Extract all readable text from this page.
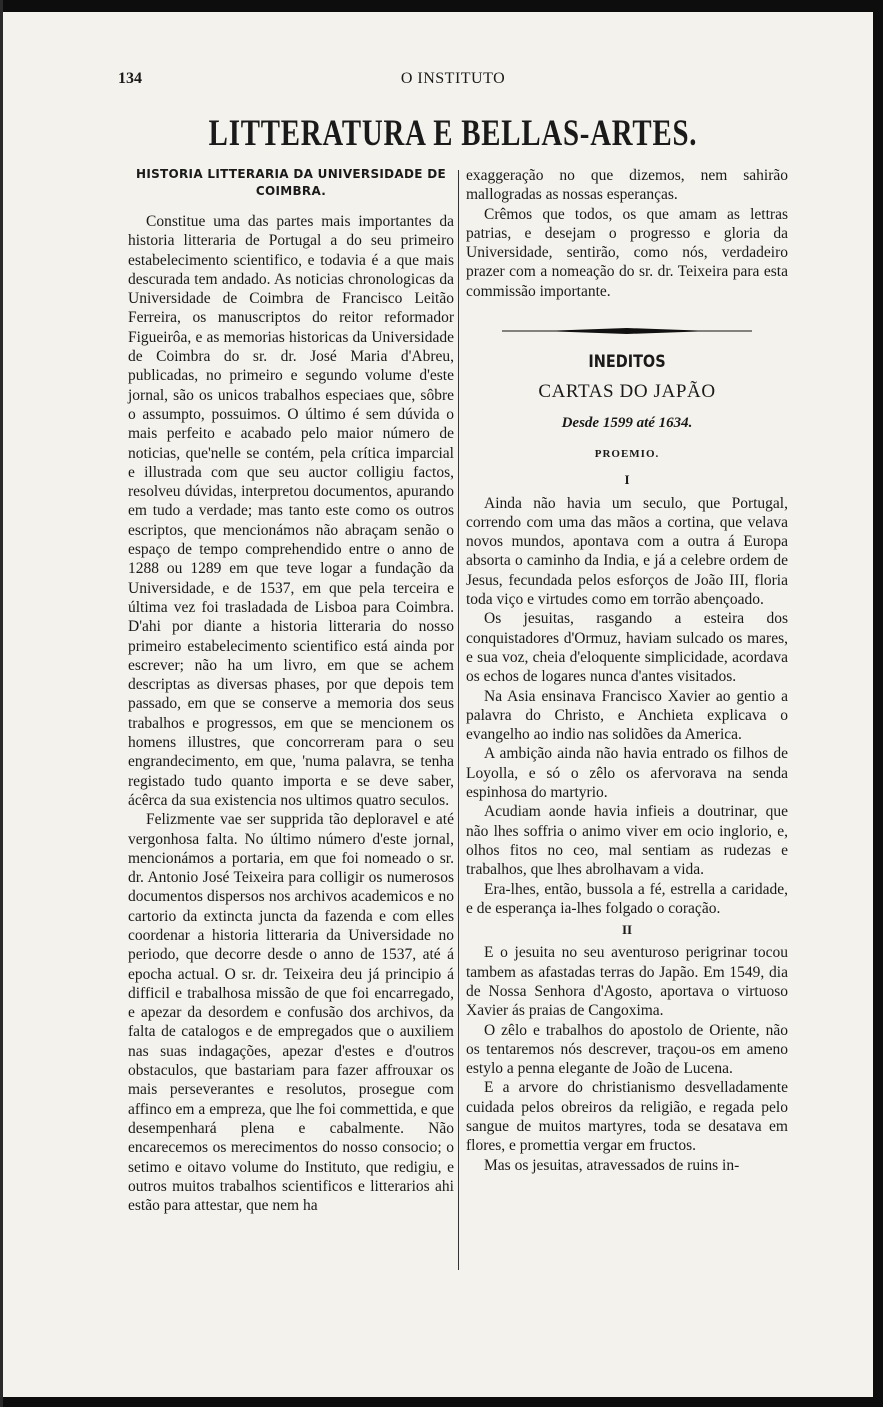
134	O INSTITUTO
LITTERATURA E BELLAS-ARTES.
HISTORIA LITTERARIA DA UNIVERSIDADE DE COIMBRA.

Constitue uma das partes mais importantes da historia litteraria de Portugal a do seu primeiro estabelecimento scientifico, e todavia é a que mais descurada tem andado. As noticias chronologicas da Universidade de Coimbra de Francisco Leitão Ferreira, os manuscriptos do reitor reformador Figueirôa, e as memorias historicas da Universidade de Coimbra do sr. dr. José Maria d'Abreu, publicadas, no primeiro e segundo volume d'este jornal, são os unicos trabalhos especiaes que, sôbre o assumpto, possuimos. O último é sem dúvida o mais perfeito e acabado pelo maior número de noticias, que'nelle se contém, pela crítica imparcial e illustrada com que seu auctor colligiu factos, resolveu dúvidas, interpretou documentos, apurando em tudo a verdade; mas tanto este como os outros escriptos, que mencionámos não abraçam senão o espaço de tempo comprehendido entre o anno de 1288 ou 1289 em que teve logar a fundação da Universidade, e de 1537, em que pela terceira e última vez foi trasladada de Lisboa para Coimbra. D'ahi por diante a historia litteraria do nosso primeiro estabelecimento scientifico está ainda por escrever; não ha um livro, em que se achem descriptas as diversas phases, por que depois tem passado, em que se conserve a memoria dos seus trabalhos e progressos, em que se mencionem os homens illustres, que concorreram para o seu engrandecimento, em que, 'numa palavra, se tenha registado tudo quanto importa e se deve saber, ácêrca da sua existencia nos ultimos quatro seculos.

Felizmente vae ser supprida tão deploravel e até vergonhosa falta. No último número d'este jornal, mencionámos a portaria, em que foi nomeado o sr. dr. Antonio José Teixeira para colligir os numerosos documentos dispersos nos archivos academicos e no cartorio da extincta juncta da fazenda e com elles coordenar a historia litteraria da Universidade no periodo, que decorre desde o anno de 1537, até á epocha actual. O sr. dr. Teixeira deu já principio á difficil e trabalhosa missão de que foi encarregado, e apezar da desordem e confusão dos archivos, da falta de catalogos e de empregados que o auxiliem nas suas indagações, apezar d'estes e d'outros obstaculos, que bastariam para fazer affrouxar os mais perseverantes e resolutos, prosegue com affinco em a empreza, que lhe foi commettida, e que desempenhará plena e cabalmente. Não encarecemos os merecimentos do nosso consocio; o setimo e oitavo volume do Instituto, que redigiu, e outros muitos trabalhos scientificos e litterarios ahi estão para attestar, que nem ha

exaggeração no que dizemos, nem sahirão mallogradas as nossas esperanças.

Crêmos que todos, os que amam as lettras patrias, e desejam o progresso e gloria da Universidade, sentirão, como nós, verdadeiro prazer com a nomeação do sr. dr. Teixeira para esta commissão importante.

INEDITOS
CARTAS DO JAPÃO
Desde 1599 até 1634.
PROEMIO.
I

Ainda não havia um seculo, que Portugal, correndo com uma das mãos a cortina, que velava novos mundos, apontava com a outra á Europa absorta o caminho da India, e já a celebre ordem de Jesus, fecundada pelos esforços de João III, floria toda viço e virtudes como em torrão abençoado.

Os jesuitas, rasgando a esteira dos conquistadores d'Ormuz, haviam sulcado os mares, e sua voz, cheia d'eloquente simplicidade, acordava os echos de logares nunca d'antes visitados.

Na Asia ensinava Francisco Xavier ao gentio a palavra do Christo, e Anchieta explicava o evangelho ao indio nas solidões da America.

A ambição ainda não havia entrado os filhos de Loyolla, e só o zêlo os afervorava na senda espinhosa do martyrio.

Acudiam aonde havia infieis a doutrinar, que não lhes soffria o animo viver em ocio inglorio, e, olhos fitos no ceo, mal sentiam as rudezas e trabalhos, que lhes abrolhavam a vida.

Era-lhes, então, bussola a fé, estrella a caridade, e de esperança ia-lhes folgado o coração.

II

E o jesuita no seu aventuroso perigrinar tocou tambem as afastadas terras do Japão. Em 1549, dia de Nossa Senhora d'Agosto, aportava o virtuoso Xavier ás praias de Cangoxima.

O zêlo e trabalhos do apostolo de Oriente, não os tentaremos nós descrever, traçou-os em ameno estylo a penna elegante de João de Lucena.

E a arvore do christianismo desvelladamente cuidada pelos obreiros da religião, e regada pelo sangue de muitos martyres, toda se desatava em flores, e promettia vergar em fructos.

Mas os jesuitas, atravessados de ruins in-
